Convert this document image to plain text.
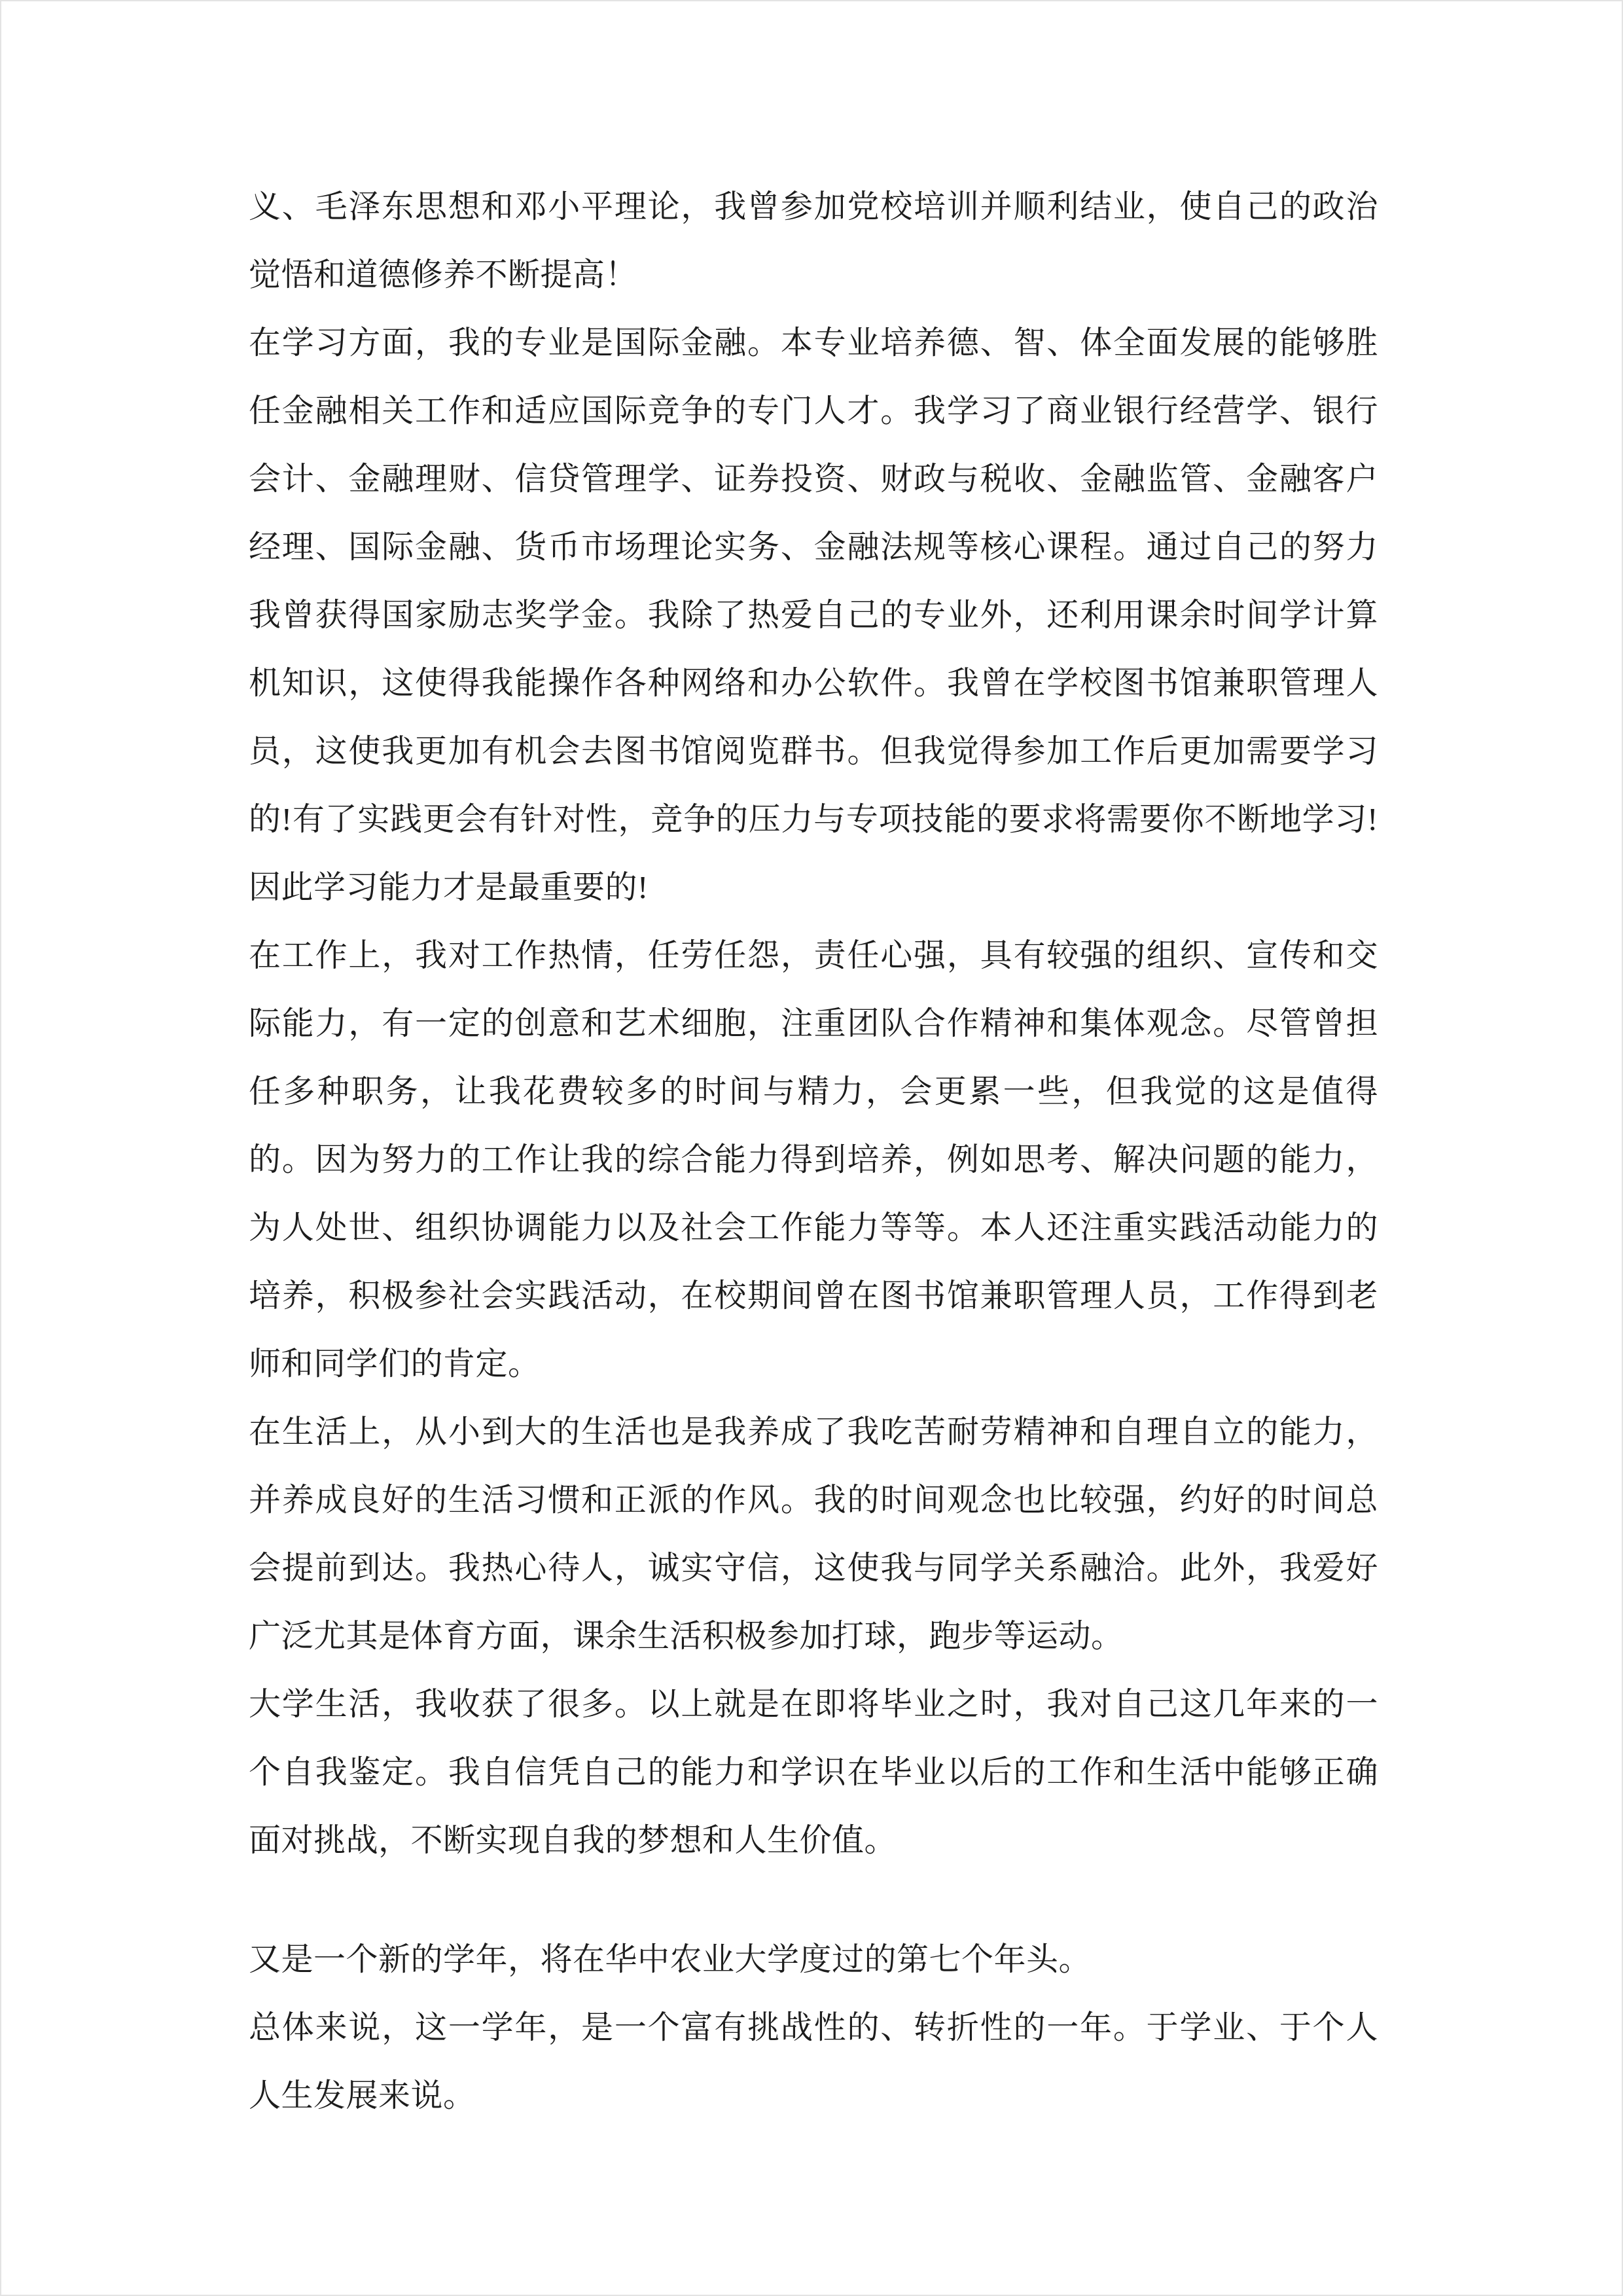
义、毛泽东思想和邓小平理论，我曾参加党校培训并顺利结业，使自己的政治觉悟和道德修养不断提高！

在学习方面，我的专业是国际金融。本专业培养德、智、体全面发展的能够胜任金融相关工作和适应国际竞争的专门人才。我学习了商业银行经营学、银行会计、金融理财、信贷管理学、证券投资、财政与税收、金融监管、金融客户经理、国际金融、货币市场理论实务、金融法规等核心课程。通过自己的努力我曾获得国家励志奖学金。我除了热爱自己的专业外，还利用课余时间学计算机知识，这使得我能操作各种网络和办公软件。我曾在学校图书馆兼职管理人员，这使我更加有机会去图书馆阅览群书。但我觉得参加工作后更加需要学习的!有了实践更会有针对性，竞争的压力与专项技能的要求将需要你不断地学习!因此学习能力才是最重要的!

在工作上，我对工作热情，任劳任怨，责任心强，具有较强的组织、宣传和交际能力，有一定的创意和艺术细胞，注重团队合作精神和集体观念。尽管曾担任多种职务，让我花费较多的时间与精力，会更累一些，但我觉的这是值得的。因为努力的工作让我的综合能力得到培养，例如思考、解决问题的能力，为人处世、组织协调能力以及社会工作能力等等。本人还注重实践活动能力的培养，积极参社会实践活动，在校期间曾在图书馆兼职管理人员，工作得到老师和同学们的肯定。

在生活上，从小到大的生活也是我养成了我吃苦耐劳精神和自理自立的能力，并养成良好的生活习惯和正派的作风。我的时间观念也比较强，约好的时间总会提前到达。我热心待人，诚实守信，这使我与同学关系融洽。此外，我爱好广泛尤其是体育方面，课余生活积极参加打球，跑步等运动。

大学生活，我收获了很多。以上就是在即将毕业之时，我对自己这几年来的一个自我鉴定。我自信凭自己的能力和学识在毕业以后的工作和生活中能够正确面对挑战，不断实现自我的梦想和人生价值。

又是一个新的学年，将在华中农业大学度过的第七个年头。

总体来说，这一学年，是一个富有挑战性的、转折性的一年。于学业、于个人人生发展来说。
